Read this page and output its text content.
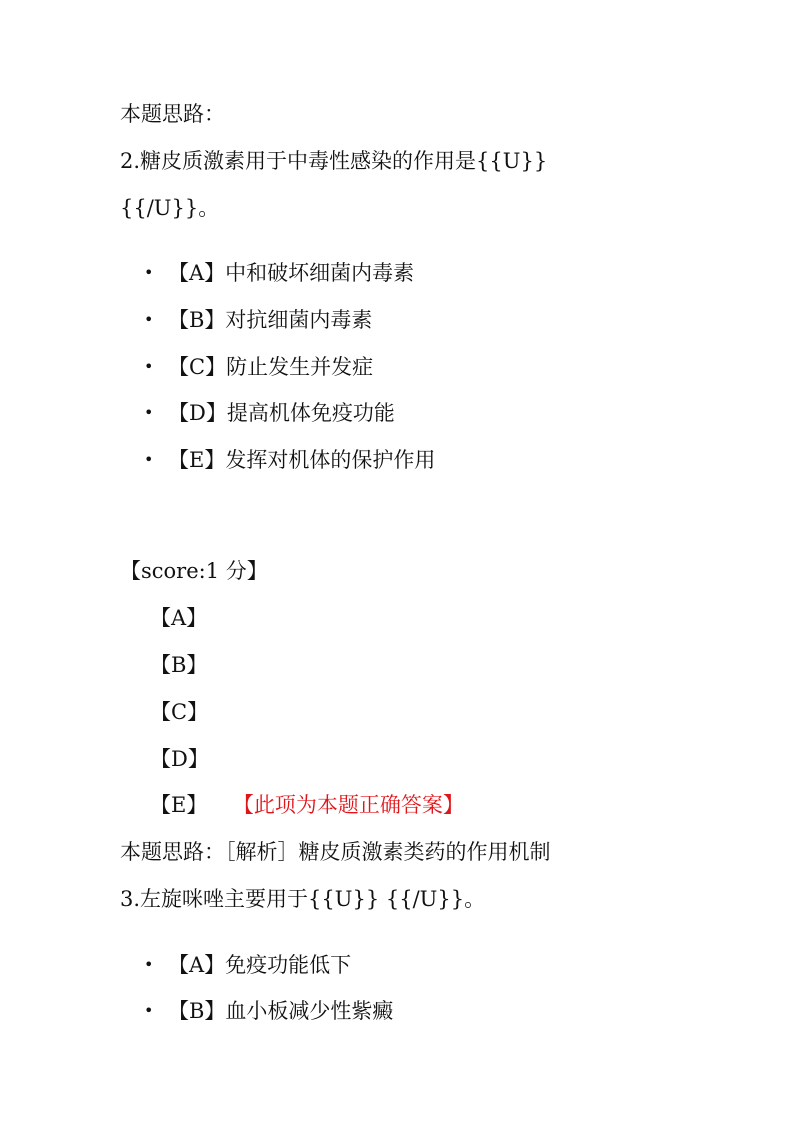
本题思路：
2.糖皮质激素用于中毒性感染的作用是{{U}}
{{/U}}。
• 【A】中和破坏细菌内毒素
• 【B】对抗细菌内毒素
• 【C】防止发生并发症
• 【D】提高机体免疫功能
• 【E】发挥对机体的保护作用
【score:1 分】
【A】
【B】
【C】
【D】
【E】 【此项为本题正确答案】
本题思路：［解析］糖皮质激素类药的作用机制
3.左旋咪唑主要用于{{U}} {{/U}}。
• 【A】免疫功能低下
• 【B】血小板减少性紫癜
